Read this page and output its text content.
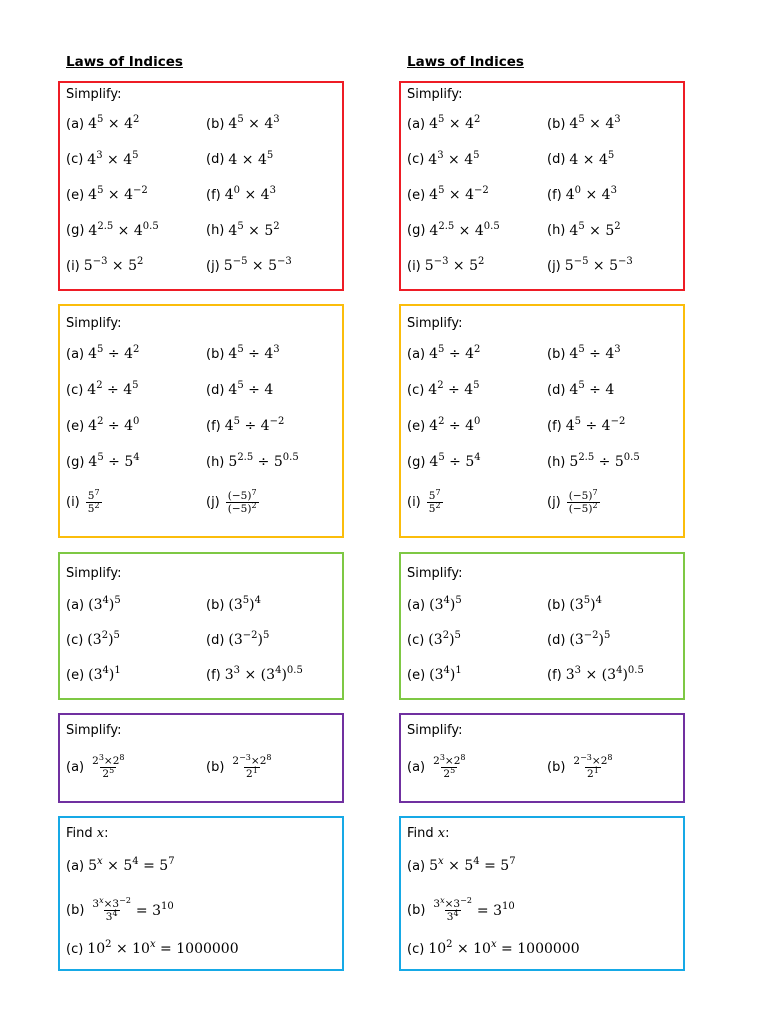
Laws of Indices
Simplify:
(a) $4^5 \times 4^2$	(b) $4^5 \times 4^3$
(c) $4^3 \times 4^5$	(d) $4 \times 4^5$
(e) $4^5 \times 4^{-2}$	(f) $4^0 \times 4^3$
(g) $4^{2.5} \times 4^{0.5}$	(h) $4^5 \times 5^2$
(i) $5^{-3} \times 5^2$	(j) $5^{-5} \times 5^{-3}$
Simplify:
(a) $4^5 \div 4^2$	(b) $4^5 \div 4^3$
(c) $4^2 \div 4^5$	(d) $4^5 \div 4$
(e) $4^2 \div 4^0$	(f) $4^5 \div 4^{-2}$
(g) $4^5 \div 5^4$	(h) $5^{2.5} \div 5^{0.5}$
$(i) \frac{5^7}{5^2}$	$(j) \frac{(-5)^7}{(-5)^2}$
Simplify:
(a) $(3^4)^5$	(b) $(3^5)^4$
(c) $(3^2)^5$	(d) $(3^{-2})^5$
(e) $(3^4)^1$	(f) $3^3 \times (3^4)^{0.5}$
Simplify:
$(a) \frac{2^3\times 2^8}{2^5}$	$(b) \frac{2^{-3}\times 2^8}{2^1}$
Find x:
(a) $5^x \times 5^4 = 5^7$
$(b) \frac{3^x\times 3^{-2}}{3^4} = 3^{10}$
(c) $10^2 \times 10^x = 1000000$
Laws of Indices
Simplify:
(a) $4^5 \times 4^2$	(b) $4^5 \times 4^3$
(c) $4^3 \times 4^5$	(d) $4 \times 4^5$
(e) $4^5 \times 4^{-2}$	(f) $4^0 \times 4^3$
(g) $4^{2.5} \times 4^{0.5}$	(h) $4^5 \times 5^2$
(i) $5^{-3} \times 5^2$	(j) $5^{-5} \times 5^{-3}$
Simplify:
(a) $4^5 \div 4^2$	(b) $4^5 \div 4^3$
(c) $4^2 \div 4^5$	(d) $4^5 \div 4$
(e) $4^2 \div 4^0$	(f) $4^5 \div 4^{-2}$
(g) $4^5 \div 5^4$	(h) $5^{2.5} \div 5^{0.5}$
$(i) \frac{5^7}{5^2}$	$(j) \frac{(-5)^7}{(-5)^2}$
Simplify:
(a) $(3^4)^5$	(b) $(3^5)^4$
(c) $(3^2)^5$	(d) $(3^{-2})^5$
(e) $(3^4)^1$	(f) $3^3 \times (3^4)^{0.5}$
Simplify:
$(a) \frac{2^3\times 2^8}{2^5}$	$(b) \frac{2^{-3}\times 2^8}{2^1}$
Find x:
(a) $5^x \times 5^4 = 5^7$
$(b) \frac{3^x\times 3^{-2}}{3^4} = 3^{10}$
(c) $10^2 \times 10^x = 1000000$
